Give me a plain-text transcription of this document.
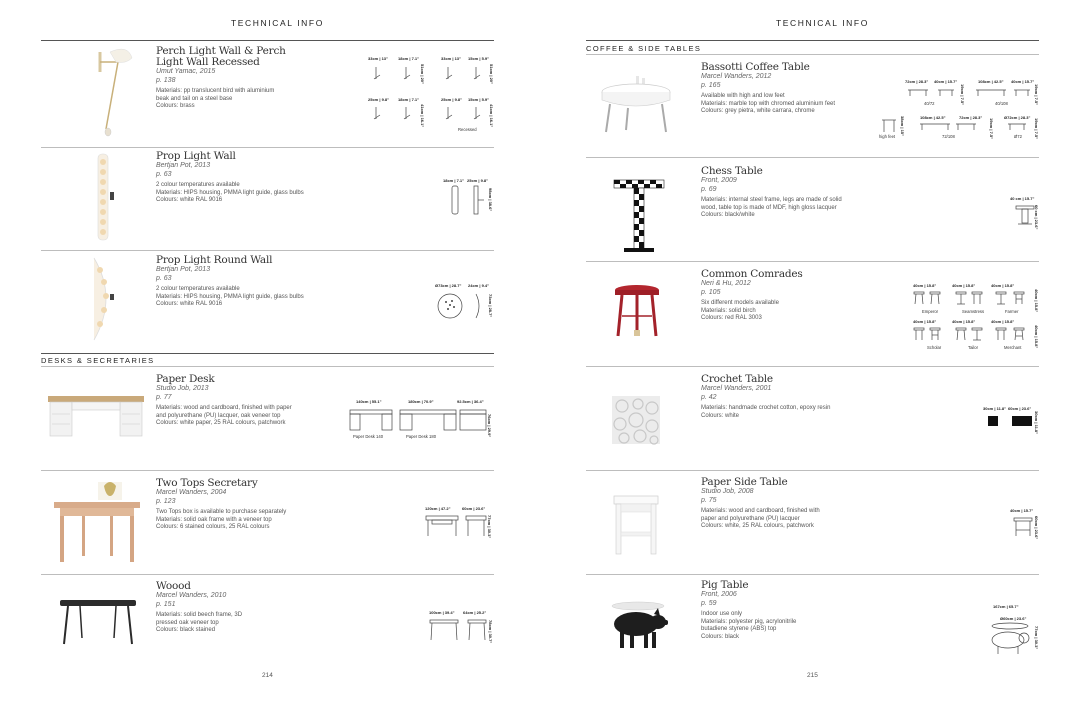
TECHNICAL INFO
Perch Light Wall & Perch
Light Wall Recessed
Umut Yamac, 2015
p. 138
Materials: pp translucent bird with aluminium
beak and tail on a steel base
Colours: brass
33cm | 13"	18cm | 7.1"	33cm | 13" 15cm | 5.9"
25cm | 9.8" 18cm | 7.1"	25cm | 9.8" 15cm | 5.9"
51cm | 20"	51cm | 20"
41cm | 16.1"	41cm | 16.1"
Recessed
Prop Light Wall
Bertjan Pot, 2013
p. 63
2 colour temperatures available
Materials: HIPS housing, PMMA light guide, glass bulbs
Colours: white RAL 9016
18cm | 7.1" 25cm | 9.8"
98cm | 38.6"
Prop Light Round Wall
Bertjan Pot, 2013
p. 63
2 colour temperatures available
Materials: HIPS housing, PMMA light guide, glass bulbs
Colours: white RAL 9016
Ø73cm | 28.7" 24cm | 9.4"
73cm | 28.7"
DESKS & SECRETARIES
Paper Desk
Studio Job, 2013
p. 77
Materials: wood and cardboard, finished with paper
and polyurethane (PU) lacquer, oak veneer top
Colours: white paper, 25 RAL colours, patchwork
140cm | 55.1"	180cm | 70.9"	92.5cm | 36.4"
76cm | 29.9"
Paper Desk 140	Paper Desk 180
Two Tops Secretary
Marcel Wanders, 2004
p. 123
Two Tops box is available to purchase separately
Materials: solid oak frame with a veneer top
Colours: 6 stained colours, 25 RAL colours
120cm | 47.2"	60cm | 23.6"
77cm | 30.3"
Woood
Marcel Wanders, 2010
p. 151
Materials: solid beech frame, 3D
pressed oak veneer top
Colours: black stained
100cm | 39.4" 64cm | 25.2"
78cm | 30.7"
214
TECHNICAL INFO
COFFEE & SIDE TABLES
Bassotti Coffee Table
Marcel Wanders, 2012
p. 165
Available with high and low feet
Materials: marble top with chromed aluminium feet
Colours: grey pietra, white carrara, chrome
72cm | 28.3" 40cm | 15.7"	108cm | 42.5" 40cm | 15.7"
108cm | 42.5"	72cm | 28.3"	Ø72cm | 28.3"
19cm | 7.5"	19cm | 7.5"
38cm | 15"	19cm | 7.5"	19cm | 7.5"
40/72	40/108
high feet	72/108	Ø72
Chess Table
Front, 2009
p. 69
Materials: internal steel frame, legs are made of solid
wood, table top is made of MDF, high gloss lacquer
Colours: black/white
40 cm | 15.7"
60 cm | 23.6"
Common Comrades
Neri & Hu, 2012
p. 105
Six different models available
Materials: solid birch
Colours: red RAL 3003
40cm | 15.8"	40cm | 15.8"	40cm | 15.8"
40cm | 15.8"	40cm | 15.8"	40cm | 15.8"
40cm | 15.8"
40cm | 15.8"
Emperor	Seamstress	Farmer
Scholar	Tailor	Merchant
Crochet Table
Marcel Wanders, 2001
p. 42
Materials: handmade crochet cotton, epoxy resin
Colours: white
30cm | 11.8" 60cm | 23.6"
30cm | 11.8"
Paper Side Table
Studio Job, 2008
p. 75
Materials: wood and cardboard, finished with
paper and polyurethane (PU) lacquer
Colours: white, 25 RAL colours, patchwork
40cm | 15.7"
60cm | 23.6"
Pig Table
Front, 2006
p. 59
Indoor use only
Materials: polyester pig, acrylonitrile
butadiene styrene (ABS) top
Colours: black
167cm | 65.7"
Ø60cm | 23.6"
77cm | 30.3"
215
